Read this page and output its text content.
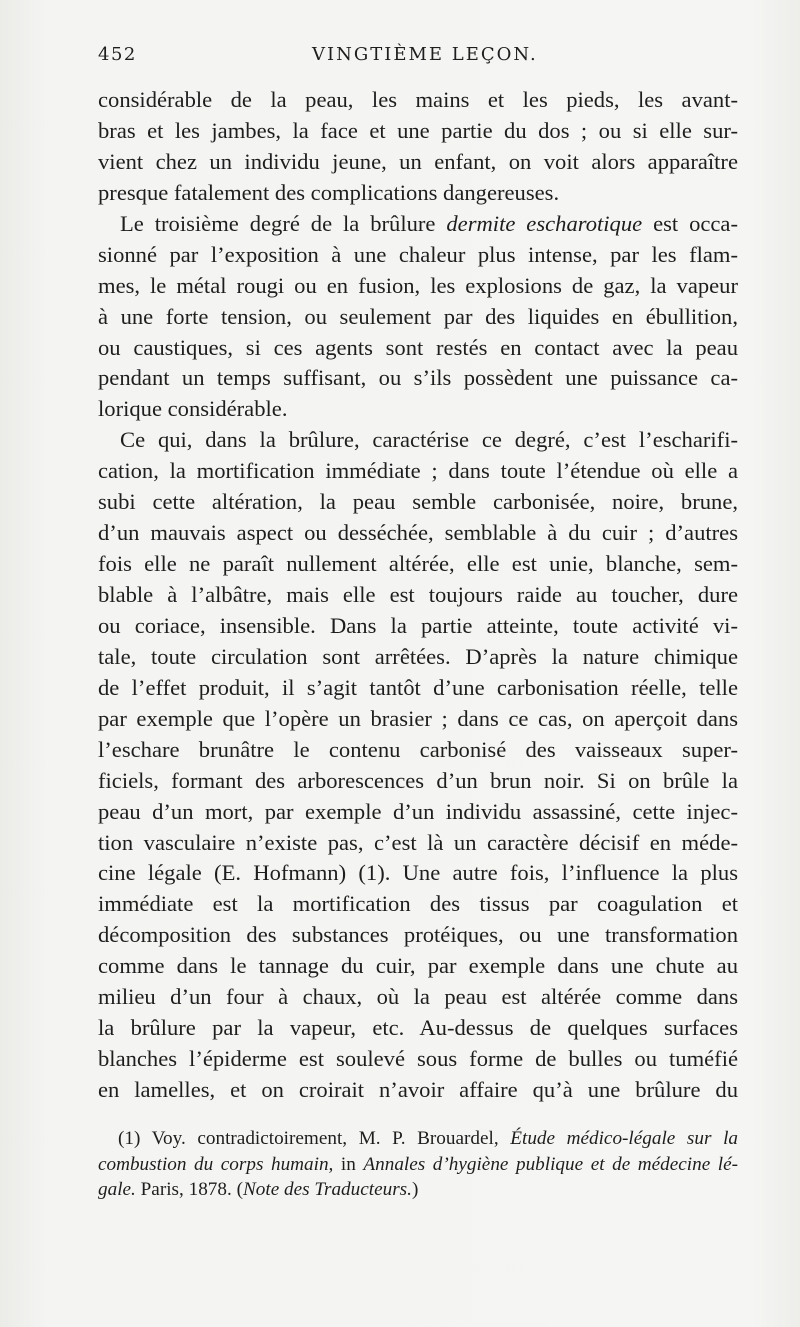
452	VINGTIÈME LEÇON.
considérable de la peau, les mains et les pieds, les avant-
bras et les jambes, la face et une partie du dos ; ou si elle sur-
vient chez un individu jeune, un enfant, on voit alors apparaître
presque fatalement des complications dangereuses.
Le troisième degré de la brûlure dermite escharotique est occa-
sionné par l’exposition à une chaleur plus intense, par les flam-
mes, le métal rougi ou en fusion, les explosions de gaz, la vapeur
à une forte tension, ou seulement par des liquides en ébullition,
ou caustiques, si ces agents sont restés en contact avec la peau
pendant un temps suffisant, ou s’ils possèdent une puissance ca-
lorique considérable.
Ce qui, dans la brûlure, caractérise ce degré, c’est l’escharifi-
cation, la mortification immédiate ; dans toute l’étendue où elle a
subi cette altération, la peau semble carbonisée, noire, brune,
d’un mauvais aspect ou desséchée, semblable à du cuir ; d’autres
fois elle ne paraît nullement altérée, elle est unie, blanche, sem-
blable à l’albâtre, mais elle est toujours raide au toucher, dure
ou coriace, insensible. Dans la partie atteinte, toute activité vi-
tale, toute circulation sont arrêtées. D’après la nature chimique
de l’effet produit, il s’agit tantôt d’une carbonisation réelle, telle
par exemple que l’opère un brasier ; dans ce cas, on aperçoit dans
l’eschare brunâtre le contenu carbonisé des vaisseaux super-
ficiels, formant des arborescences d’un brun noir. Si on brûle la
peau d’un mort, par exemple d’un individu assassiné, cette injec-
tion vasculaire n’existe pas, c’est là un caractère décisif en méde-
cine légale (E. Hofmann) (1). Une autre fois, l’influence la plus
immédiate est la mortification des tissus par coagulation et
décomposition des substances protéiques, ou une transformation
comme dans le tannage du cuir, par exemple dans une chute au
milieu d’un four à chaux, où la peau est altérée comme dans
la brûlure par la vapeur, etc. Au-dessus de quelques surfaces
blanches l’épiderme est soulevé sous forme de bulles ou tuméfié
en lamelles, et on croirait n’avoir affaire qu’à une brûlure du
(1) Voy. contradictoirement, M. P. Brouardel, Étude médico-légale sur la
combustion du corps humain, in Annales d’hygiène publique et de médecine lé-
gale. Paris, 1878. (Note des Traducteurs.)
